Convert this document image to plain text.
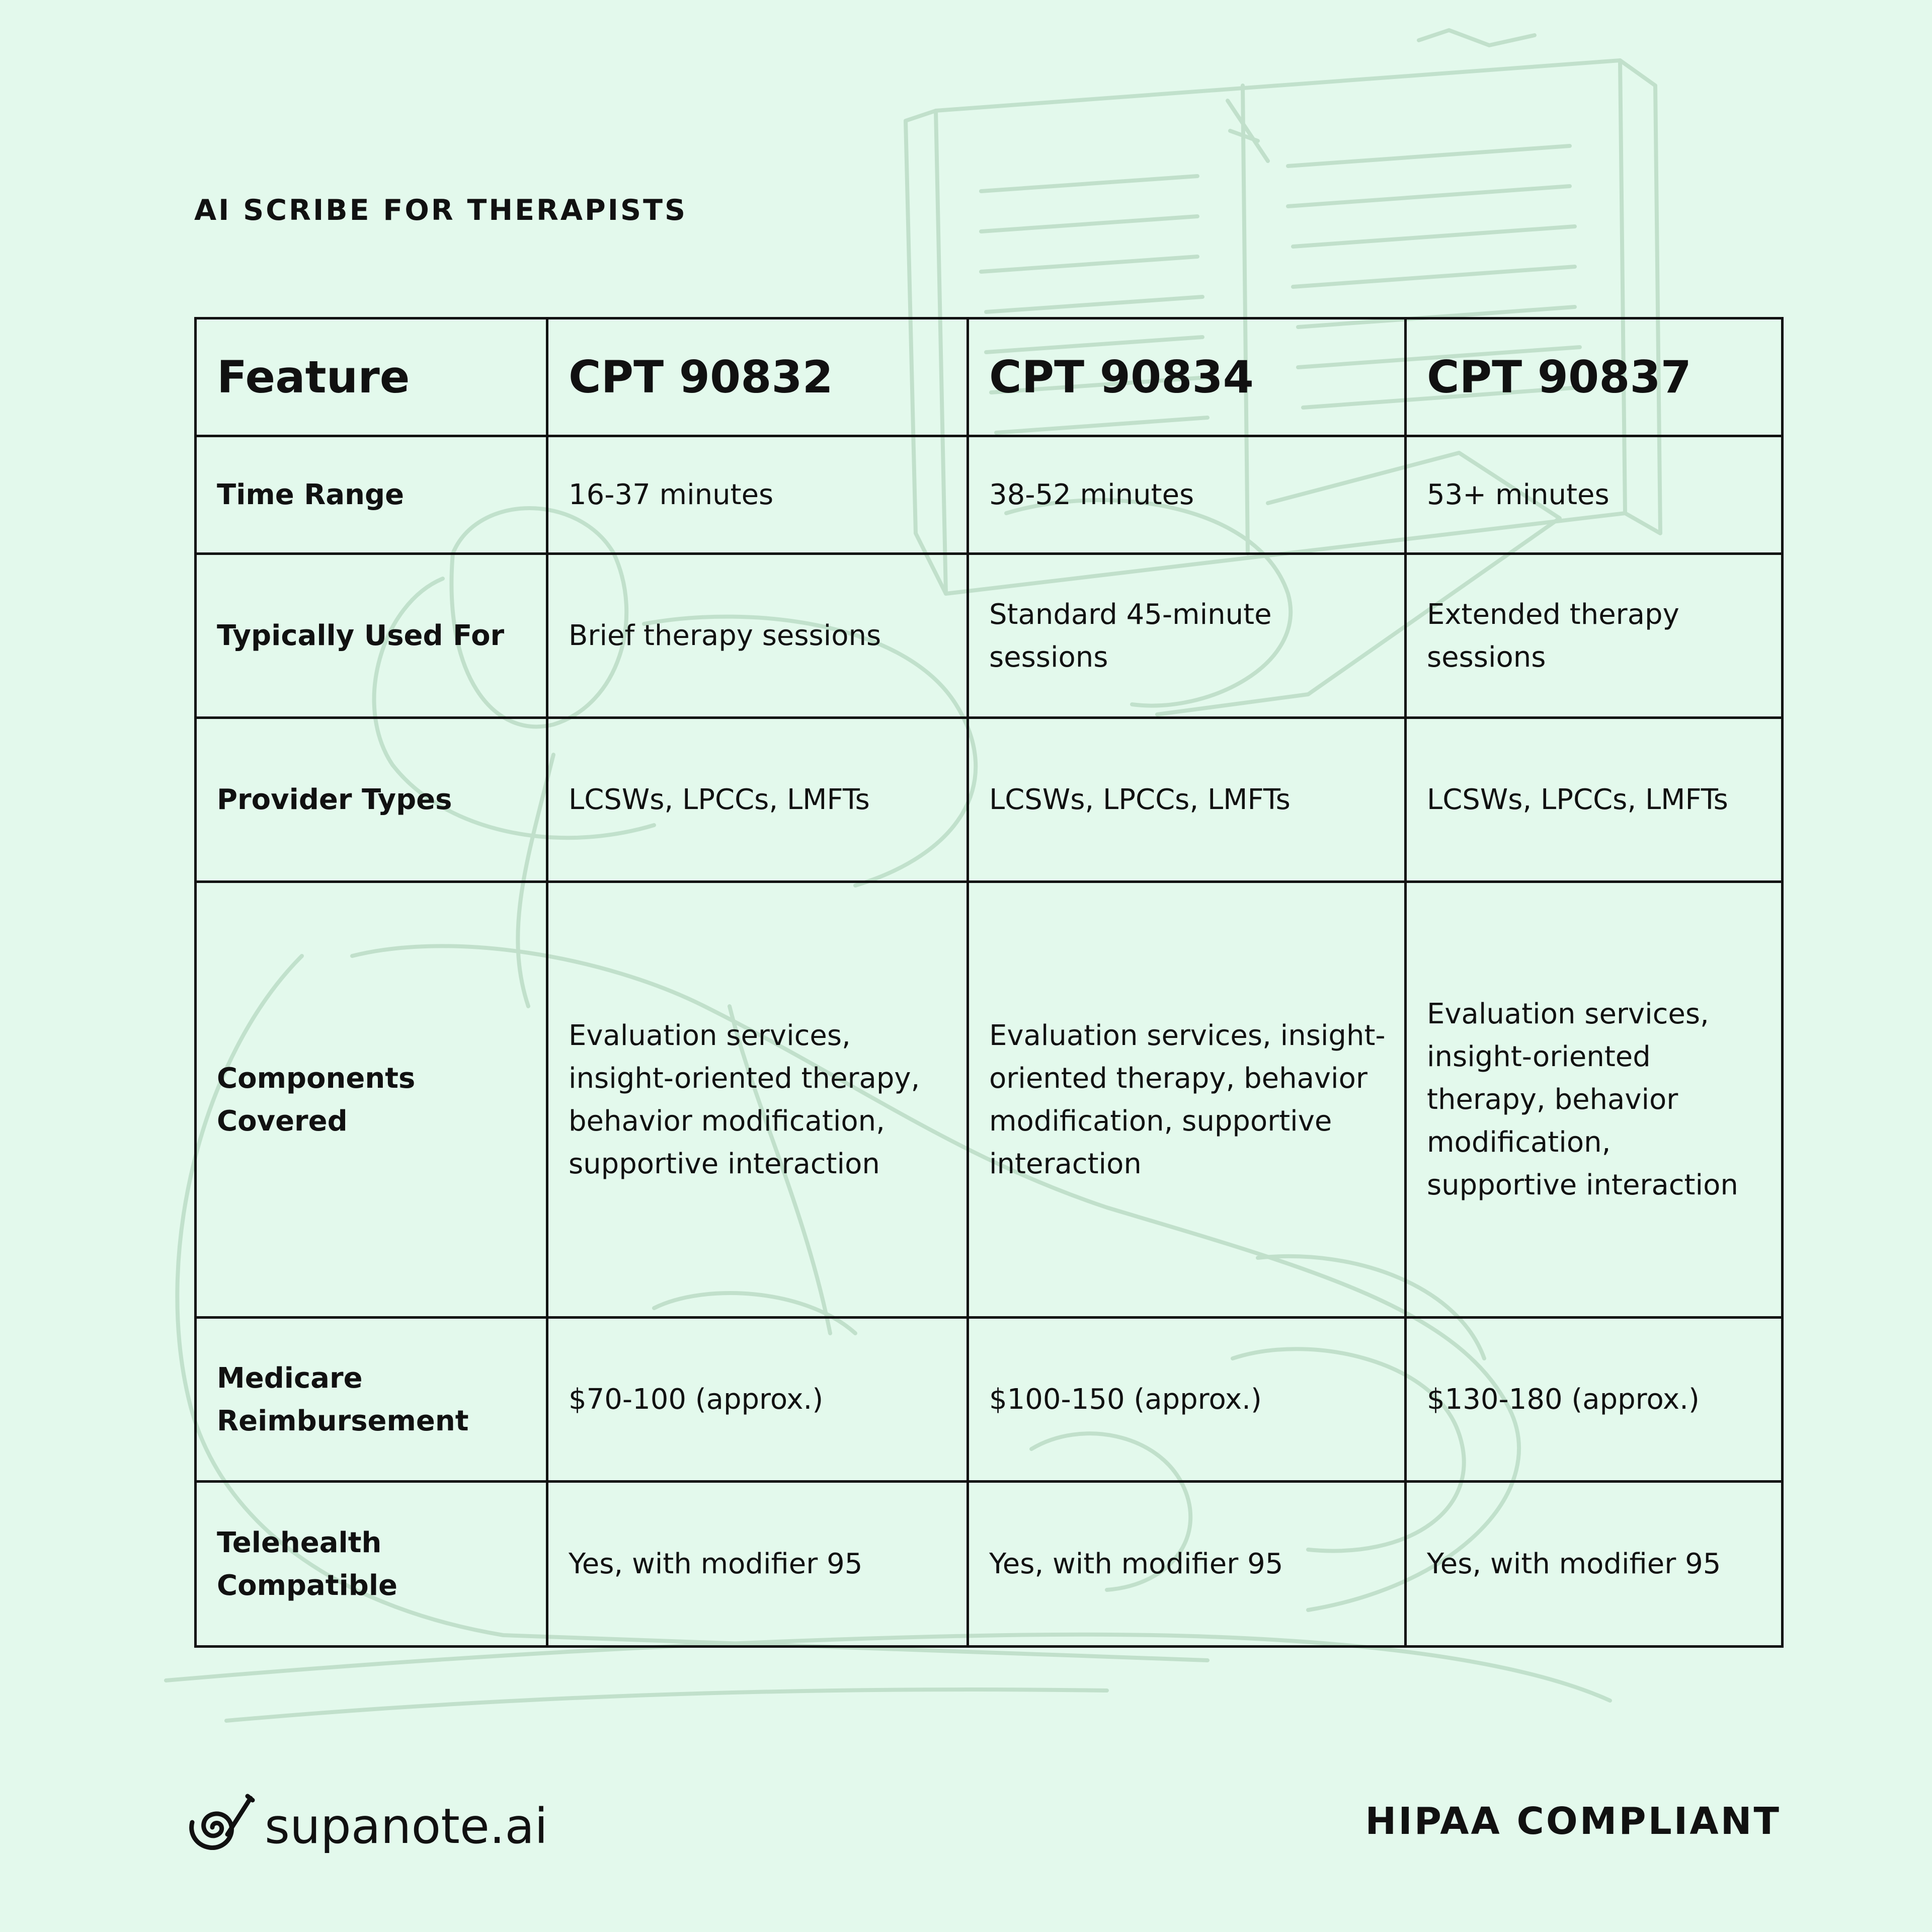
AI SCRIBE FOR THERAPISTS
Feature	CPT 90832	CPT 90834	CPT 90837
Time Range	16-37 minutes	38-52 minutes	53+ minutes
Typically Used For	Brief therapy sessions	Standard 45-minute sessions	Extended therapy sessions
Provider Types	LCSWs, LPCCs, LMFTs	LCSWs, LPCCs, LMFTs	LCSWs, LPCCs, LMFTs
Components Covered	Evaluation services, insight-oriented therapy, behavior modification, supportive interaction	Evaluation services, insight-oriented therapy, behavior modification, supportive interaction	Evaluation services, insight-oriented therapy, behavior modification, supportive interaction
Medicare Reimbursement	$70-100 (approx.)	$100-150 (approx.)	$130-180 (approx.)
Telehealth Compatible	Yes, with modifier 95	Yes, with modifier 95	Yes, with modifier 95
supanote.ai	HIPAA COMPLIANT
